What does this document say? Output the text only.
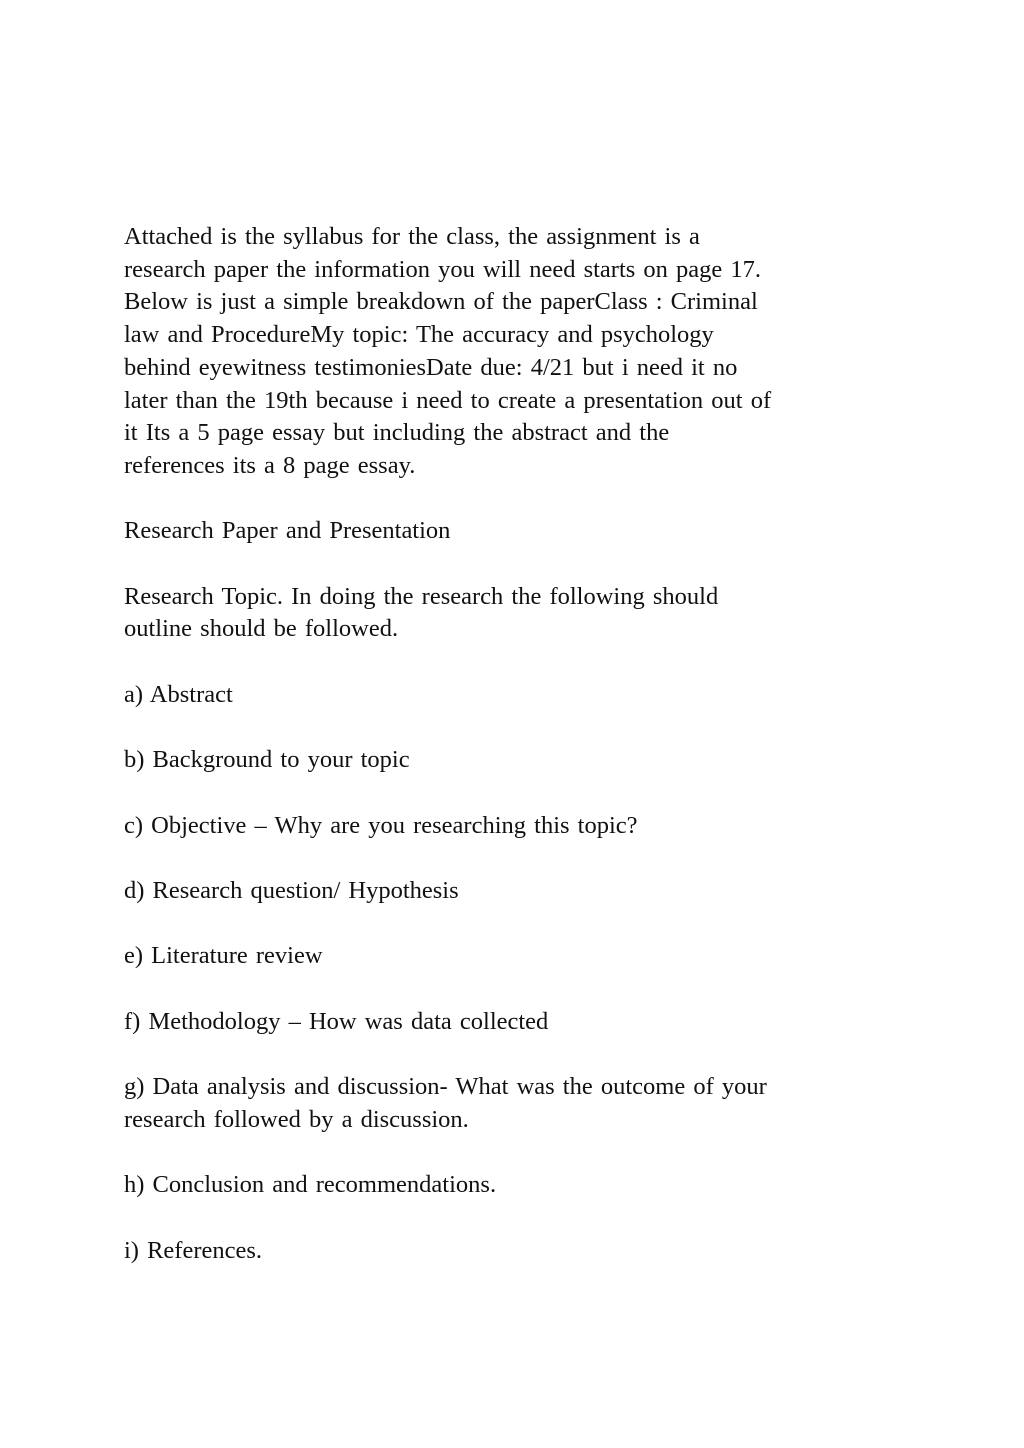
Attached is the syllabus for the class, the assignment is a
research paper the information you will need starts on page 17.
Below is just a simple breakdown of the paperClass : Criminal
law and ProcedureMy topic: The accuracy and psychology
behind eyewitness testimoniesDate due: 4/21 but i need it no
later than the 19th because i need to create a presentation out of
it Its a 5 page essay but including the abstract and the
references its a 8 page essay.

Research Paper and Presentation

Research Topic. In doing the research the following should
outline should be followed.

a) Abstract

b) Background to your topic

c) Objective – Why are you researching this topic?

d) Research question/ Hypothesis

e) Literature review

f) Methodology – How was data collected

g) Data analysis and discussion- What was the outcome of your
research followed by a discussion.

h) Conclusion and recommendations.

i) References.
